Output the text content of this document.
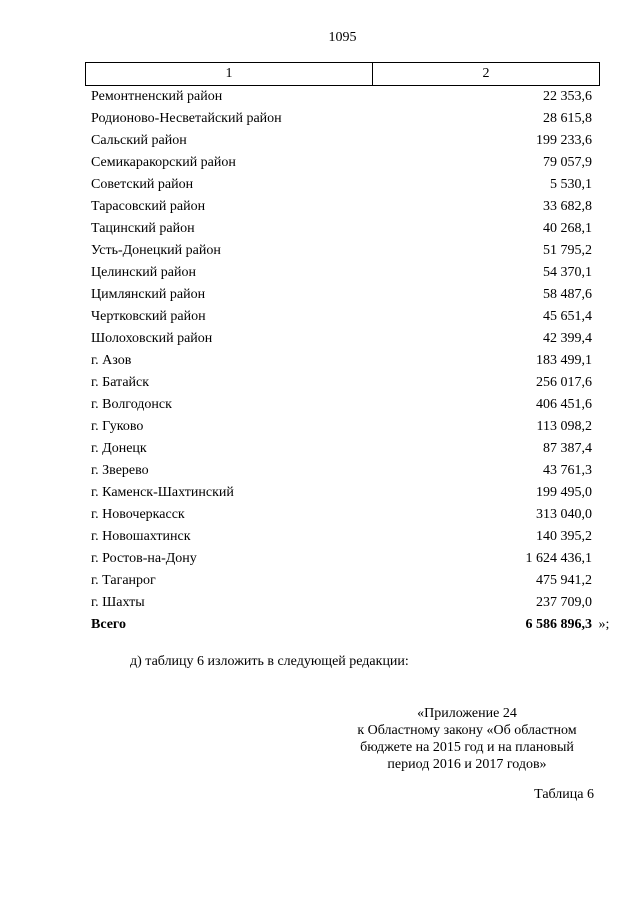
1095
1	2
Ремонтненский район	22 353,6
Родионово-Несветайский район	28 615,8
Сальский район	199 233,6
Семикаракорский район	79 057,9
Советский район	5 530,1
Тарасовский район	33 682,8
Тацинский район	40 268,1
Усть-Донецкий район	51 795,2
Целинский район	54 370,1
Цимлянский район	58 487,6
Чертковский район	45 651,4
Шолоховский район	42 399,4
г. Азов	183 499,1
г. Батайск	256 017,6
г. Волгодонск	406 451,6
г. Гуково	113 098,2
г. Донецк	87 387,4
г. Зверево	43 761,3
г. Каменск-Шахтинский	199 495,0
г. Новочеркасск	313 040,0
г. Новошахтинск	140 395,2
г. Ростов-на-Дону	1 624 436,1
г. Таганрог	475 941,2
г. Шахты	237 709,0
Всего	6 586 896,3 »;
д) таблицу 6 изложить в следующей редакции:
«Приложение 24
к Областному закону «Об областном
бюджете на 2015 год и на плановый
период 2016 и 2017 годов»
Таблица 6
